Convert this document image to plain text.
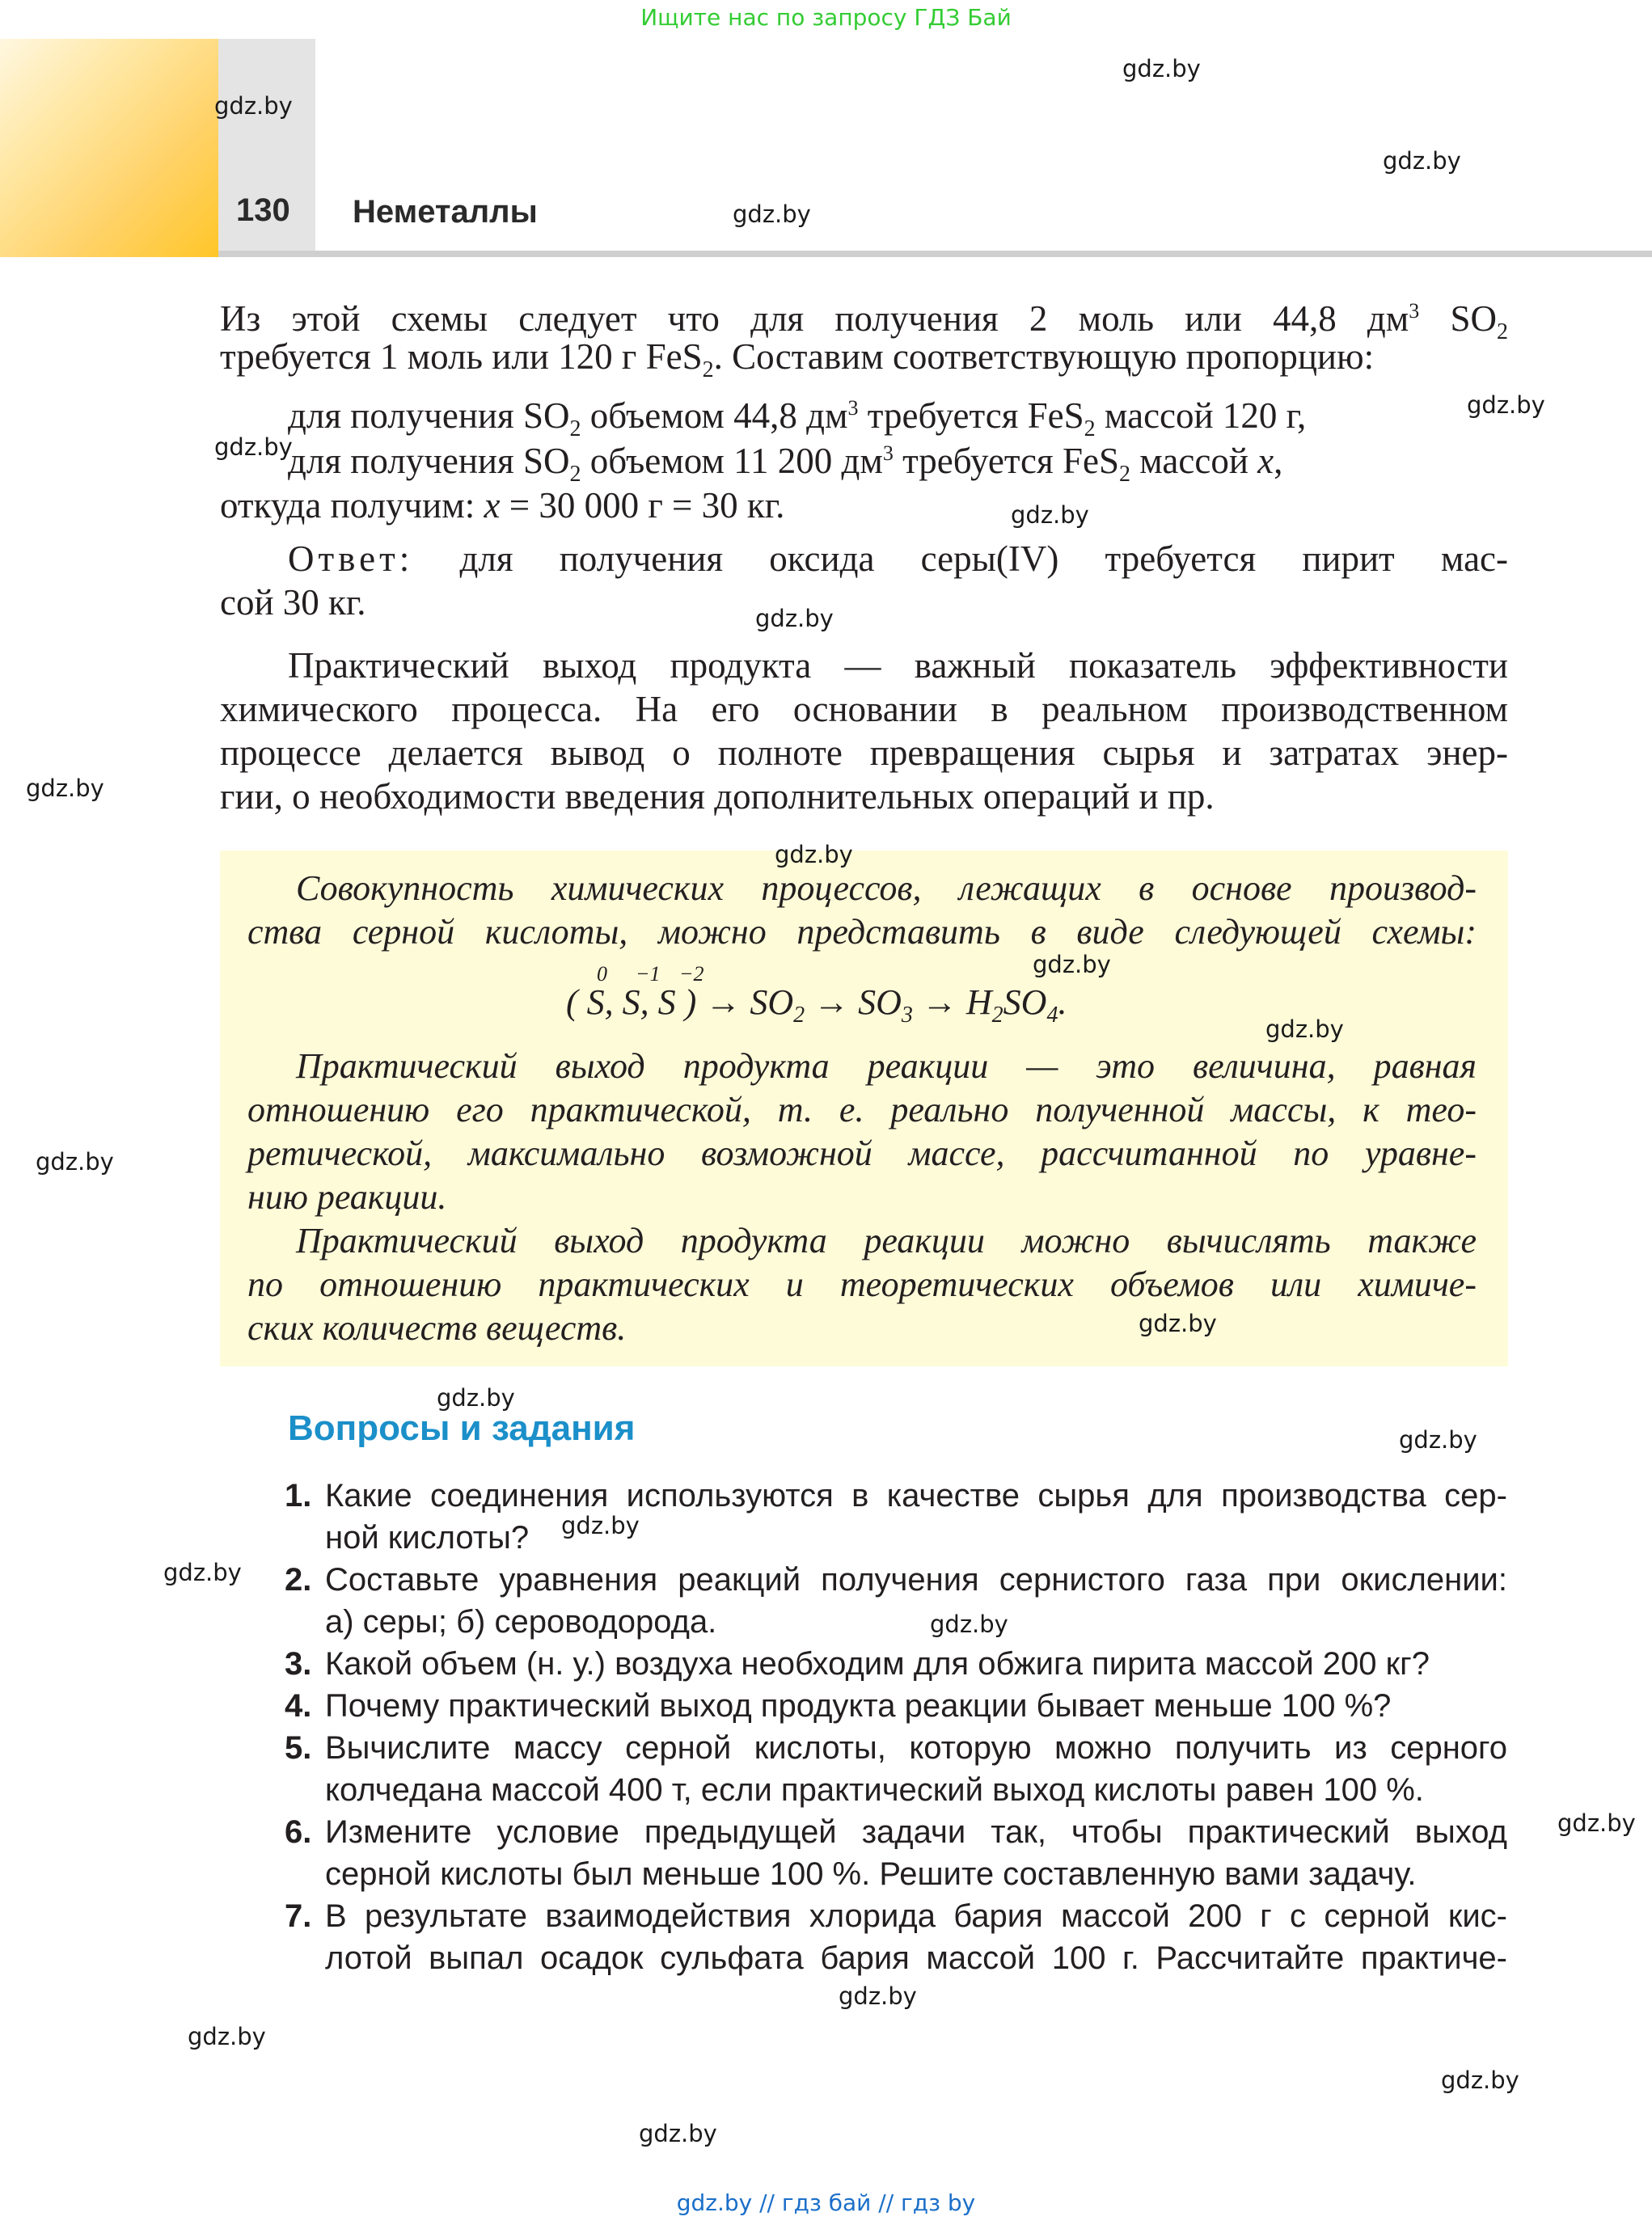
Ищите нас по запросу ГДЗ Бай
130 Неметаллы
Из этой схемы следует что для получения 2 моль или 44,8 $дм^3$ $SO_2$
требуется 1 моль или 120 г FeS$_2$. Составим соответствующую пропорцию:
для получения $SO_2$ объемом 44,8 $дм^3$ требуется FeS$_2$ массой 120 г,
для получения $SO_2$ объемом 11 200 $дм^3$ требуется FeS$_2$ массой x,
откуда получим: x = 30 000 г = 30 кг.
Ответ: для получения оксида серы(IV) требуется пирит мас-
сой 30 кг.
Практический выход продукта — важный показатель эффективности
химического процесса. На его основании в реальном производственном
процессе делается вывод о полноте превращения сырья и затратах энер-
гии, о необходимости введения дополнительных операций и пр.
Совокупность химических процессов, лежащих в основе производ-
ства серной кислоты, можно представить в виде следующей схемы:
0 −1 −2
( S, S, S ) → $SO_2 \to SO_3 \to H_2SO_4$.
Практический выход продукта реакции — это величина, равная
отношению его практической, т. е. реально полученной массы, к тео-
ретической, максимально возможной массе, рассчитанной по уравне-
нию реакции.
Практический выход продукта реакции можно вычислять также
по отношению практических и теоретических объемов или химиче-
ских количеств веществ.
Вопросы и задания
1. Какие соединения используются в качестве сырья для производства сер-
ной кислоты?
2. Составьте уравнения реакций получения сернистого газа при окислении:
а) серы; б) сероводорода.
3. Какой объем (н. у.) воздуха необходим для обжига пирита массой 200 кг?
4. Почему практический выход продукта реакции бывает меньше 100 %?
5. Вычислите массу серной кислоты, которую можно получить из серного
колчедана массой 400 т, если практический выход кислоты равен 100 %.
6. Измените условие предыдущей задачи так, чтобы практический выход
серной кислоты был меньше 100 %. Решите составленную вами задачу.
7. В результате взаимодействия хлорида бария массой 200 г с серной кис-
лотой выпал осадок сульфата бария массой 100 г. Рассчитайте практиче-
gdz.by
gdz.by
gdz.by
gdz.by
gdz.by
gdz.by
gdz.by
gdz.by
gdz.by
gdz.by
gdz.by
gdz.by
gdz.by
gdz.by
gdz.by
gdz.by
gdz.by
gdz.by
gdz.by
gdz.by
gdz.by
gdz.by
gdz.by
gdz.by
gdz.by // гдз бай // гдз by
